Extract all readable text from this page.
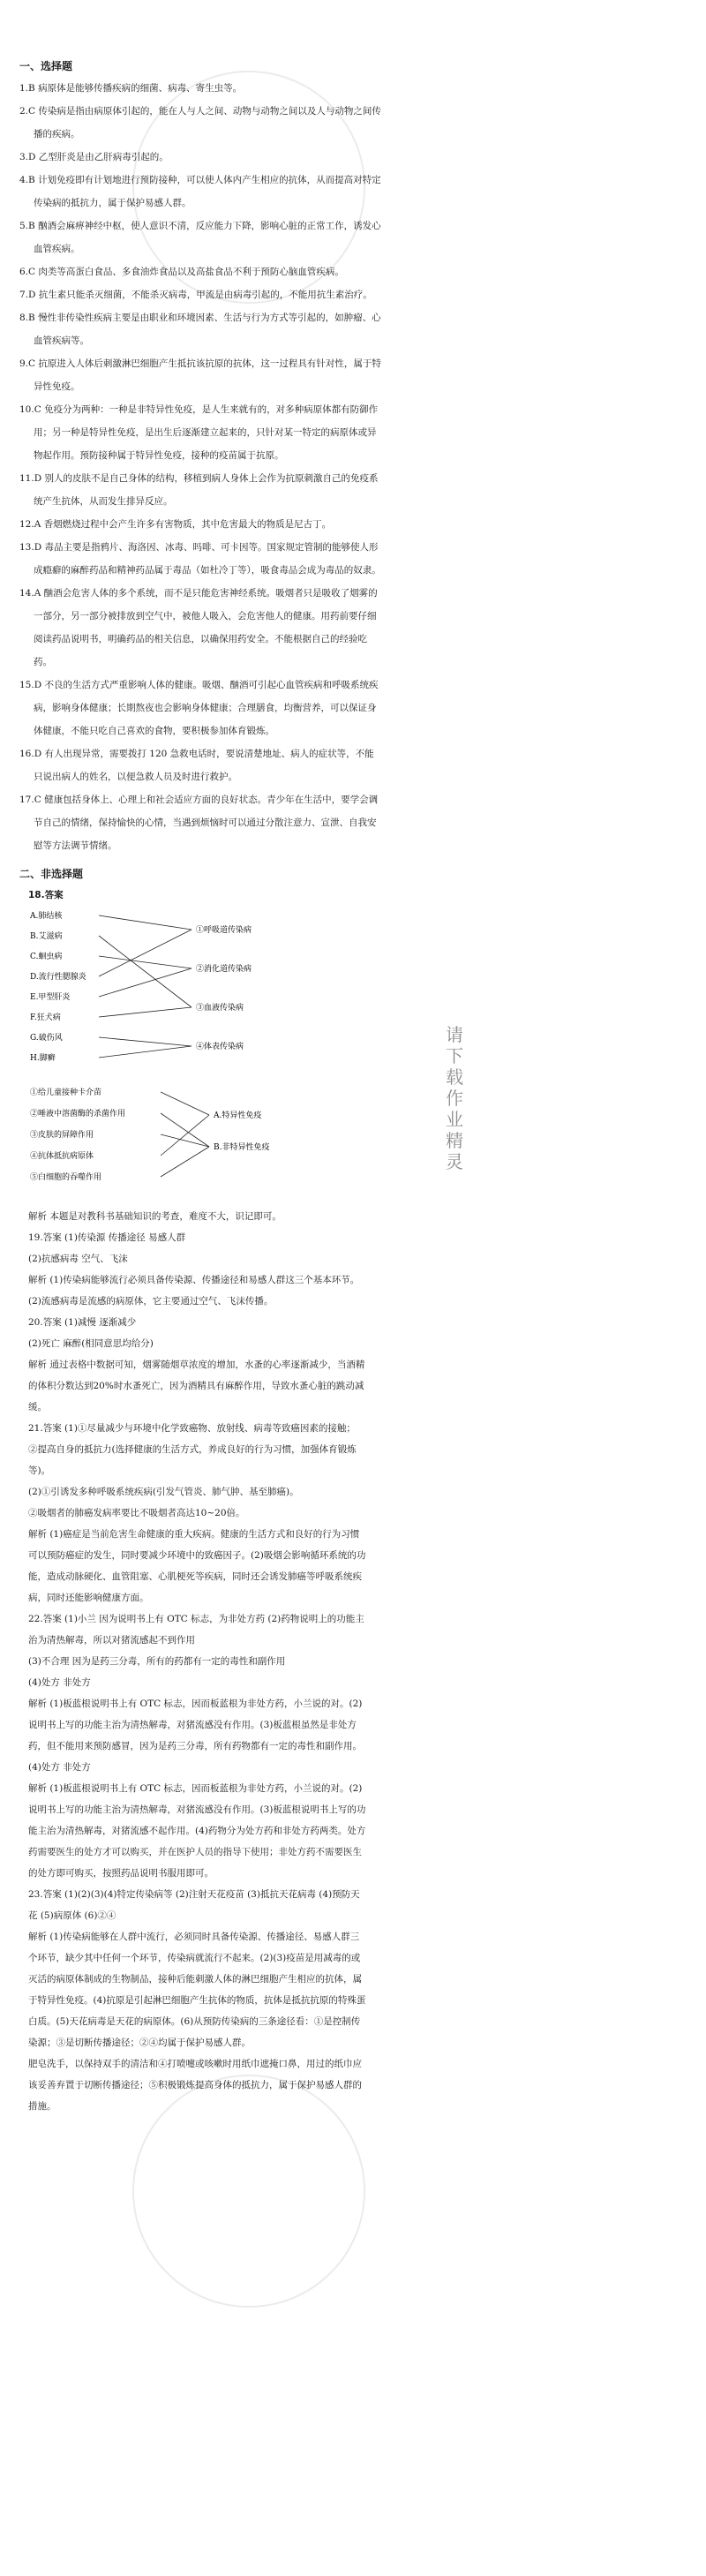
请下载作业精灵
一、选择题
1.B 病原体是能够传播疾病的细菌、病毒、寄生虫等。
2.C 传染病是指由病原体引起的，能在人与人之间、动物与动物之间以及人与动物之间传播的疾病。
3.D 乙型肝炎是由乙肝病毒引起的。
4.B 计划免疫即有计划地进行预防接种，可以使人体内产生相应的抗体，从而提高对特定传染病的抵抗力，属于保护易感人群。
5.B 酗酒会麻痹神经中枢，使人意识不清，反应能力下降，影响心脏的正常工作，诱发心血管疾病。
6.C 肉类等高蛋白食品、多食油炸食品以及高盐食品不利于预防心脑血管疾病。
7.D 抗生素只能杀灭细菌，不能杀灭病毒，甲流是由病毒引起的，不能用抗生素治疗。
8.B 慢性非传染性疾病主要是由职业和环境因素、生活与行为方式等引起的，如肿瘤、心血管疾病等。
9.C 抗原进入人体后刺激淋巴细胞产生抵抗该抗原的抗体，这一过程具有针对性，属于特异性免疫。
10.C 免疫分为两种：一种是非特异性免疫，是人生来就有的，对多种病原体都有防御作用；另一种是特异性免疫，是出生后逐渐建立起来的，只针对某一特定的病原体或异物起作用。预防接种属于特异性免疫，接种的疫苗属于抗原。
11.D 别人的皮肤不是自己身体的结构，移植到病人身体上会作为抗原刺激自己的免疫系统产生抗体，从而发生排异反应。
12.A 香烟燃烧过程中会产生许多有害物质，其中危害最大的物质是尼古丁。
13.D 毒品主要是指鸦片、海洛因、冰毒、吗啡、可卡因等。国家规定管制的能够使人形成瘾癖的麻醉药品和精神药品属于毒品（如杜冷丁等），吸食毒品会成为毒品的奴隶。
14.A 酗酒会危害人体的多个系统，而不是只能危害神经系统。吸烟者只是吸收了烟雾的一部分，另一部分被排放到空气中，被他人吸入，会危害他人的健康。用药前要仔细阅读药品说明书，明确药品的相关信息，以确保用药安全。不能根据自己的经验吃药。
15.D 不良的生活方式严重影响人体的健康。吸烟、酗酒可引起心血管疾病和呼吸系统疾病，影响身体健康；长期熬夜也会影响身体健康；合理膳食，均衡营养，可以保证身体健康，不能只吃自己喜欢的食物，要积极参加体育锻炼。
16.D 有人出现异常，需要拨打 120 急救电话时，要说清楚地址、病人的症状等，不能只说出病人的姓名，以便急救人员及时进行救护。
17.C 健康包括身体上、心理上和社会适应方面的良好状态。青少年在生活中，要学会调节自己的情绪，保持愉快的心情，当遇到烦恼时可以通过分散注意力、宣泄、自我安慰等方法调节情绪。
二、非选择题
18.答案
A.肺结核
B.艾滋病
C.蛔虫病
D.流行性腮腺炎
E.甲型肝炎
F.狂犬病
G.破伤风
H.脚癣
①呼吸道传染病
②消化道传染病
③血液传染病
④体表传染病
①给儿童接种卡介苗
②唾液中溶菌酶的杀菌作用
③皮肤的屏障作用
④抗体抵抗病原体
⑤白细胞的吞噬作用
A.特异性免疫
B.非特异性免疫
解析 本题是对教科书基础知识的考查，难度不大，识记即可。
19.答案 (1)传染源 传播途径 易感人群
(2)抗感病毒 空气、飞沫
解析 (1)传染病能够流行必须具备传染源、传播途径和易感人群这三个基本环节。(2)流感病毒是流感的病原体，它主要通过空气、飞沫传播。
20.答案 (1)减慢 逐渐减少
(2)死亡 麻醉(相同意思均给分)
解析 通过表格中数据可知，烟雾随烟草浓度的增加，水蚤的心率逐渐减少，当酒精的体积分数达到20%时水蚤死亡，因为酒精具有麻醉作用，导致水蚤心脏的跳动减缓。
21.答案 (1)①尽量减少与环境中化学致癌物、放射线、病毒等致癌因素的接触；
②提高自身的抵抗力(选择健康的生活方式，养成良好的行为习惯，加强体育锻炼等)。
(2)①引诱发多种呼吸系统疾病(引发气管炎、肺气肿、基至肺癌)。
②吸烟者的肺癌发病率要比不吸烟者高达10~20倍。
解析 (1)癌症是当前危害生命健康的重大疾病。健康的生活方式和良好的行为习惯可以预防癌症的发生，同时要减少环境中的致癌因子。(2)吸烟会影响循环系统的功能，造成动脉硬化、血管阻塞、心肌梗死等疾病，同时还会诱发肺癌等呼吸系统疾病，同时还能影响健康方面。
22.答案 (1)小兰 因为说明书上有 OTC 标志，为非处方药 (2)药物说明上的功能主治为清热解毒，所以对猪流感起不到作用
(3)不合理 因为是药三分毒，所有的药都有一定的毒性和副作用
(4)处方 非处方
解析 (1)板蓝根说明书上有 OTC 标志，因而板蓝根为非处方药，小兰说的对。(2)说明书上写的功能主治为清热解毒，对猪流感没有作用。(3)板蓝根虽然是非处方药，但不能用来预防感冒，因为是药三分毒，所有药物都有一定的毒性和副作用。
(4)处方 非处方
解析 (1)板蓝根说明书上有 OTC 标志，因而板蓝根为非处方药，小兰说的对。(2)说明书上写的功能主治为清热解毒，对猪流感没有作用。(3)板蓝根说明书上写的功能主治为清热解毒，对猪流感不起作用。(4)药物分为处方药和非处方药两类。处方药需要医生的处方才可以购买，并在医护人员的指导下使用；非处方药不需要医生的处方即可购买，按照药品说明书服用即可。
23.答案 (1)(2)(3)(4)特定传染病等 (2)注射天花疫苗 (3)抵抗天花病毒 (4)预防天花 (5)病原体 (6)②④
解析 (1)传染病能够在人群中流行，必须同时具备传染源、传播途径、易感人群三个环节，缺少其中任何一个环节，传染病就流行不起来。(2)(3)疫苗是用减毒的或灭活的病原体制成的生物制品，接种后能刺激人体的淋巴细胞产生相应的抗体，属于特异性免疫。(4)抗原是引起淋巴细胞产生抗体的物质，抗体是抵抗抗原的特殊蛋白质。(5)天花病毒是天花的病原体。(6)从预防传染病的三条途径看：①是控制传染源；③是切断传播途径；②④均属于保护易感人群。
肥皂洗手，以保持双手的清洁和④打喷嚏或咳嗽时用纸巾遮掩口鼻，用过的纸巾应该妥善弃置于切断传播途径；⑤积极锻炼提高身体的抵抗力，属于保护易感人群的措施。
